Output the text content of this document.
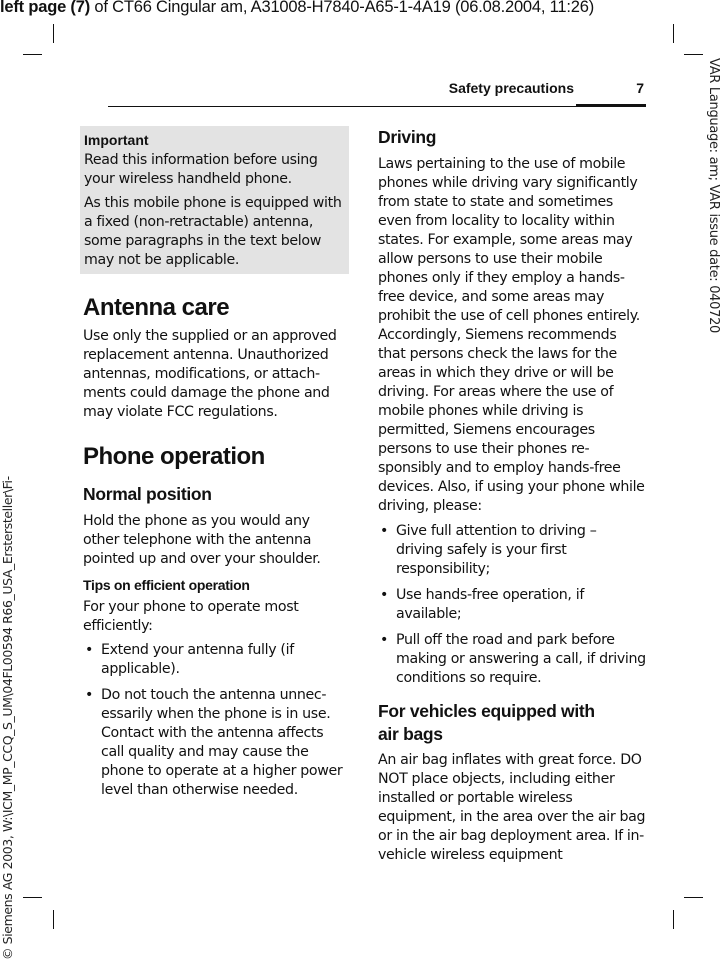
left page (7) of CT66 Cingular am, A31008-H7840-A65-1-4A19 (06.08.2004, 11:26)
VAR Language: am; VAR issue date: 040720
© Siemens AG 2003, W:\ICM_MP_CCQ_S_UM\04FL00594 R66_USA_Erstersteller\Fi-
Safety precautions	7
Important

Read this information before using your wireless handheld phone.

As this mobile phone is equipped with a fixed (non-retractable) antenna, some paragraphs in the text below may not be applicable.

Antenna care

Use only the supplied or an approved replacement antenna. Unauthorized antennas, modifications, or attachments could damage the phone and may violate FCC regulations.

Phone operation
Normal position

Hold the phone as you would any other telephone with the antenna pointed up and over your shoulder.

Tips on efficient operation

For your phone to operate most efficiently:

• Extend your antenna fully (if applicable).
• Do not touch the antenna unnecessarily when the phone is in use. Contact with the antenna affects call quality and may cause the phone to operate at a higher power level than otherwise needed.
Driving

Laws pertaining to the use of mobile phones while driving vary significantly from state to state and sometimes even from locality to locality within states. For example, some areas may allow persons to use their mobile phones only if they employ a hands-free device, and some areas may prohibit the use of cell phones entirely. Accordingly, Siemens recommends that persons check the laws for the areas in which they drive or will be driving. For areas where the use of mobile phones while driving is permitted, Siemens encourages persons to use their phones responsibly and to employ hands-free devices. Also, if using your phone while driving, please:

• Give full attention to driving – driving safely is your first responsibility;
• Use hands-free operation, if available;
• Pull off the road and park before making or answering a call, if driving conditions so require.
For vehicles equipped with air bags

An air bag inflates with great force. DO NOT place objects, including either installed or portable wireless equipment, in the area over the air bag or in the air bag deployment area. If in-vehicle wireless equipment
